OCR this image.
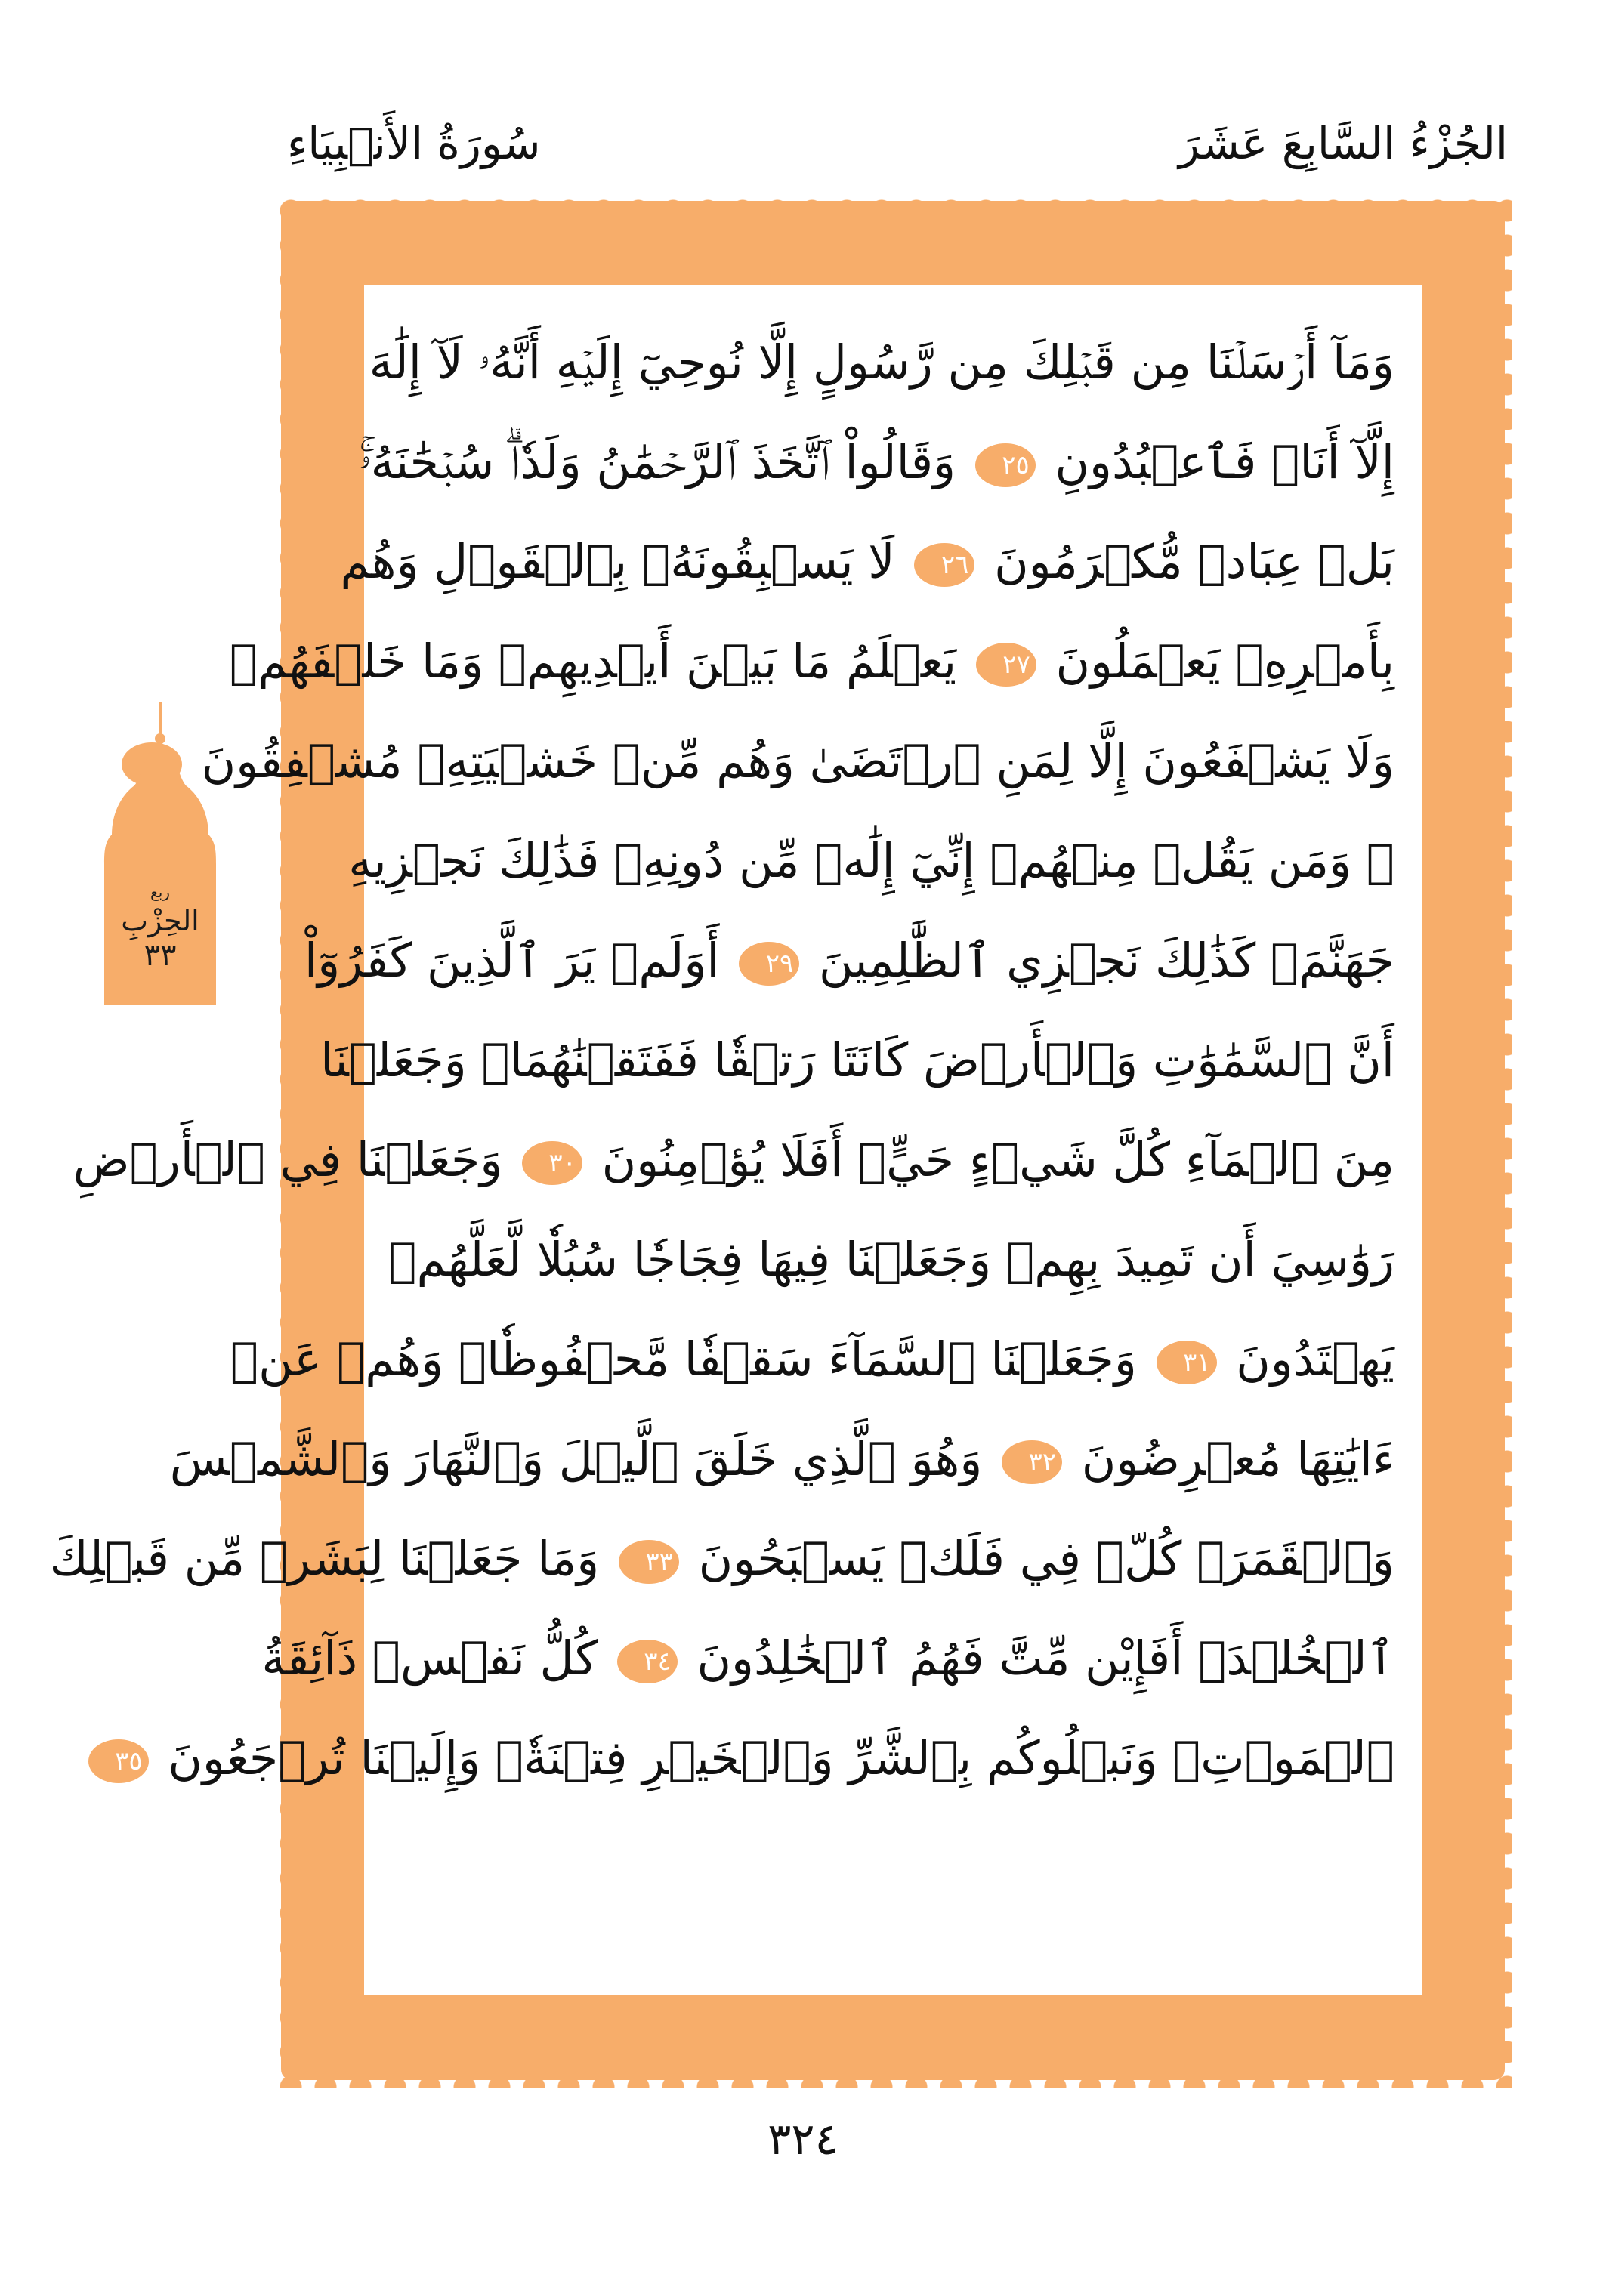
الجُزْءُ السَّابِعَ عَشَرَ
سُورَةُ الأَنۢبِيَاءِ
وَمَآ أَرۡسَلۡنَا مِن قَبۡلِكَ مِن رَّسُولٍ إِلَّا نُوحِيٓ إِلَيۡهِ أَنَّهُۥ لَآ إِلَٰهَ
إِلَّآ أَنَا۠ فَٱعۡبُدُونِ ٢٥ وَقَالُواْ ٱتَّخَذَ ٱلرَّحۡمَٰنُ وَلَدٗاۗ سُبۡحَٰنَهُۥۚ
بَلۡ عِبَادٞ مُّكۡرَمُونَ ٢٦ لَا يَسۡبِقُونَهُۥ بِٱلۡقَوۡلِ وَهُم
بِأَمۡرِهِۦ يَعۡمَلُونَ ٢٧ يَعۡلَمُ مَا بَيۡنَ أَيۡدِيهِمۡ وَمَا خَلۡفَهُمۡ
وَلَا يَشۡفَعُونَ إِلَّا لِمَنِ ٱرۡتَضَىٰ وَهُم مِّنۡ خَشۡيَتِهِۦ مُشۡفِقُونَ
۞ وَمَن يَقُلۡ مِنۡهُمۡ إِنِّيٓ إِلَٰهٞ مِّن دُونِهِۦ فَذَٰلِكَ نَجۡزِيهِ
جَهَنَّمَۚ كَذَٰلِكَ نَجۡزِي ٱلظَّٰلِمِينَ ٢٩ أَوَلَمۡ يَرَ ٱلَّذِينَ كَفَرُوٓاْ
أَنَّ ٱلسَّمَٰوَٰتِ وَٱلۡأَرۡضَ كَانَتَا رَتۡقٗا فَفَتَقۡنَٰهُمَاۖ وَجَعَلۡنَا
مِنَ ٱلۡمَآءِ كُلَّ شَيۡءٍ حَيٍّۚ أَفَلَا يُؤۡمِنُونَ ٣٠ وَجَعَلۡنَا فِي ٱلۡأَرۡضِ
رَوَٰسِيَ أَن تَمِيدَ بِهِمۡ وَجَعَلۡنَا فِيهَا فِجَاجٗا سُبُلٗا لَّعَلَّهُمۡ
يَهۡتَدُونَ ٣١ وَجَعَلۡنَا ٱلسَّمَآءَ سَقۡفٗا مَّحۡفُوظٗاۖ وَهُمۡ عَنۡ
ءَايَٰتِهَا مُعۡرِضُونَ ٣٢ وَهُوَ ٱلَّذِي خَلَقَ ٱلَّيۡلَ وَٱلنَّهَارَ وَٱلشَّمۡسَ
وَٱلۡقَمَرَۖ كُلّٞ فِي فَلَكٖ يَسۡبَحُونَ ٣٣ وَمَا جَعَلۡنَا لِبَشَرٖ مِّن قَبۡلِكَ
ٱلۡخُلۡدَۖ أَفَإِيْن مِّتَّ فَهُمُ ٱلۡخَٰلِدُونَ ٣٤ كُلُّ نَفۡسٖ ذَآئِقَةُ
ٱلۡمَوۡتِۗ وَنَبۡلُوكُم بِٱلشَّرِّ وَٱلۡخَيۡرِ فِتۡنَةٗۖ وَإِلَيۡنَا تُرۡجَعُونَ ٣٥
ربع
الحِزْبِ
٣٣
٣٢٤
